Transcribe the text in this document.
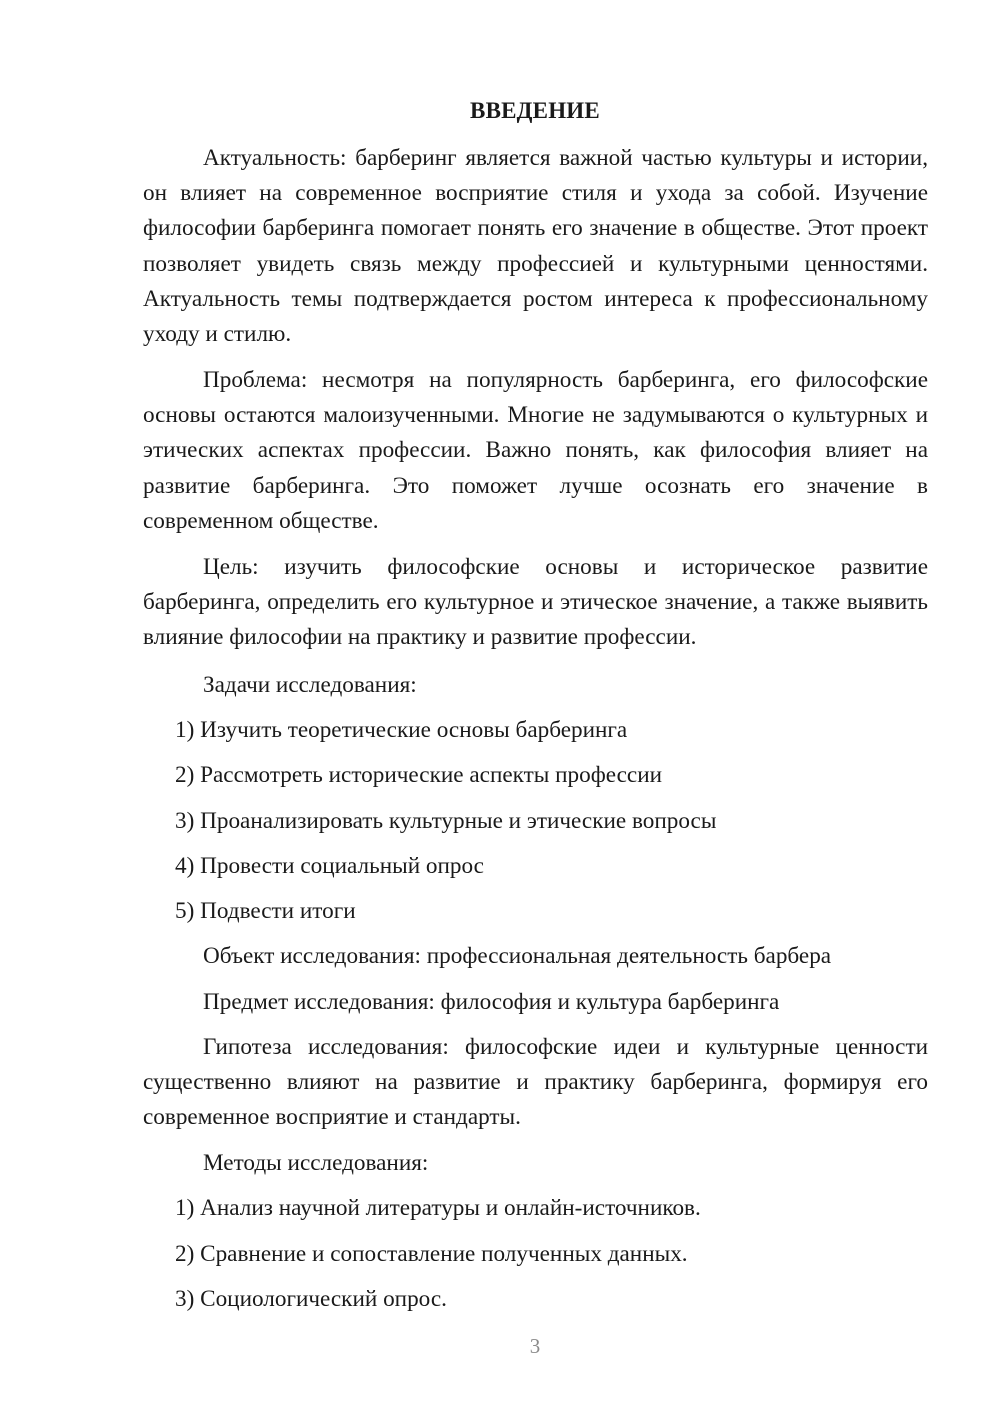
ВВЕДЕНИЕ

Актуальность: барберинг является важной частью культуры и истории, он влияет на современное восприятие стиля и ухода за собой. Изучение философии барберинга помогает понять его значение в обществе. Этот проект позволяет увидеть связь между профессией и культурными ценностями. Актуальность темы подтверждается ростом интереса к профессиональному уходу и стилю.

Проблема: несмотря на популярность барберинга, его философские основы остаются малоизученными. Многие не задумываются о культурных и этических аспектах профессии. Важно понять, как философия влияет на развитие барберинга. Это поможет лучше осознать его значение в современном обществе.

Цель: изучить философские основы и историческое развитие барберинга, определить его культурное и этическое значение, а также выявить влияние философии на практику и развитие профессии.

Задачи исследования:
1) Изучить теоретические основы барберинга
2) Рассмотреть исторические аспекты профессии
3) Проанализировать культурные и этические вопросы
4) Провести социальный опрос
5) Подвести итоги
Объект исследования: профессиональная деятельность барбера
Предмет исследования: философия и культура барберинга

Гипотеза исследования: философские идеи и культурные ценности существенно влияют на развитие и практику барберинга, формируя его современное восприятие и стандарты.

Методы исследования:
1) Анализ научной литературы и онлайн-источников.
2) Сравнение и сопоставление полученных данных.
3) Социологический опрос.
3
